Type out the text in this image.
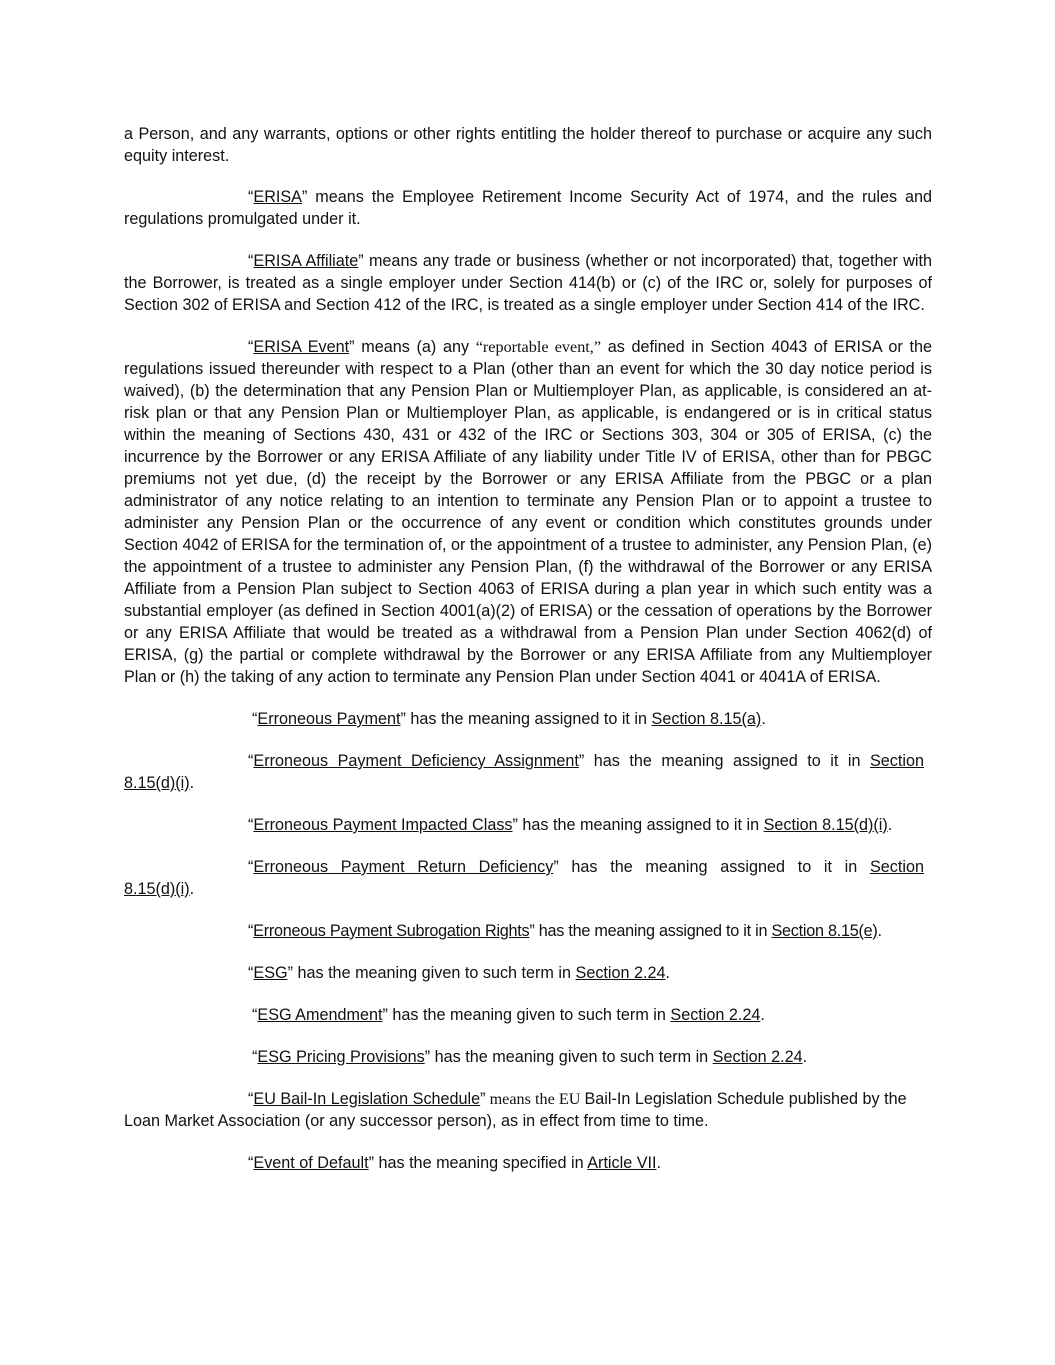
a Person, and any warrants, options or other rights entitling the holder thereof to purchase or acquire any such equity interest.

“ERISA” means the Employee Retirement Income Security Act of 1974, and the rules and regulations promulgated under it.

“ERISA Affiliate” means any trade or business (whether or not incorporated) that, together with the Borrower, is treated as a single employer under Section 414(b) or (c) of the IRC or, solely for purposes of Section 302 of ERISA and Section 412 of the IRC, is treated as a single employer under Section 414 of the IRC.

“ERISA Event” means (a) any “reportable event,” as defined in Section 4043 of ERISA or the regulations issued thereunder with respect to a Plan (other than an event for which the 30 day notice period is waived), (b) the determination that any Pension Plan or Multiemployer Plan, as applicable, is considered an at-risk plan or that any Pension Plan or Multiemployer Plan, as applicable, is endangered or is in critical status within the meaning of Sections 430, 431 or 432 of the IRC or Sections 303, 304 or 305 of ERISA, (c) the incurrence by the Borrower or any ERISA Affiliate of any liability under Title IV of ERISA, other than for PBGC premiums not yet due, (d) the receipt by the Borrower or any ERISA Affiliate from the PBGC or a plan administrator of any notice relating to an intention to terminate any Pension Plan or to appoint a trustee to administer any Pension Plan or the occurrence of any event or condition which constitutes grounds under Section 4042 of ERISA for the termination of, or the appointment of a trustee to administer, any Pension Plan, (e) the appointment of a trustee to administer any Pension Plan, (f) the withdrawal of the Borrower or any ERISA Affiliate from a Pension Plan subject to Section 4063 of ERISA during a plan year in which such entity was a substantial employer (as defined in Section 4001(a)(2) of ERISA) or the cessation of operations by the Borrower or any ERISA Affiliate that would be treated as a withdrawal from a Pension Plan under Section 4062(d) of ERISA, (g) the partial or complete withdrawal by the Borrower or any ERISA Affiliate from any Multiemployer Plan or (h) the taking of any action to terminate any Pension Plan under Section 4041 or 4041A of ERISA.

“Erroneous Payment” has the meaning assigned to it in Section 8.15(a).

“Erroneous Payment Deficiency Assignment” has the meaning assigned to it in Section

8.15(d)(i).

“Erroneous Payment Impacted Class” has the meaning assigned to it in Section 8.15(d)(i).

“Erroneous Payment Return Deficiency” has the meaning assigned to it in Section

8.15(d)(i).

“Erroneous Payment Subrogation Rights” has the meaning assigned to it in Section 8.15(e).

“ESG” has the meaning given to such term in Section 2.24.

“ESG Amendment” has the meaning given to such term in Section 2.24.

“ESG Pricing Provisions” has the meaning given to such term in Section 2.24.

“EU Bail-In Legislation Schedule” means the EU Bail-In Legislation Schedule published by the Loan Market Association (or any successor person), as in effect from time to time.

“Event of Default” has the meaning specified in Article VII.
